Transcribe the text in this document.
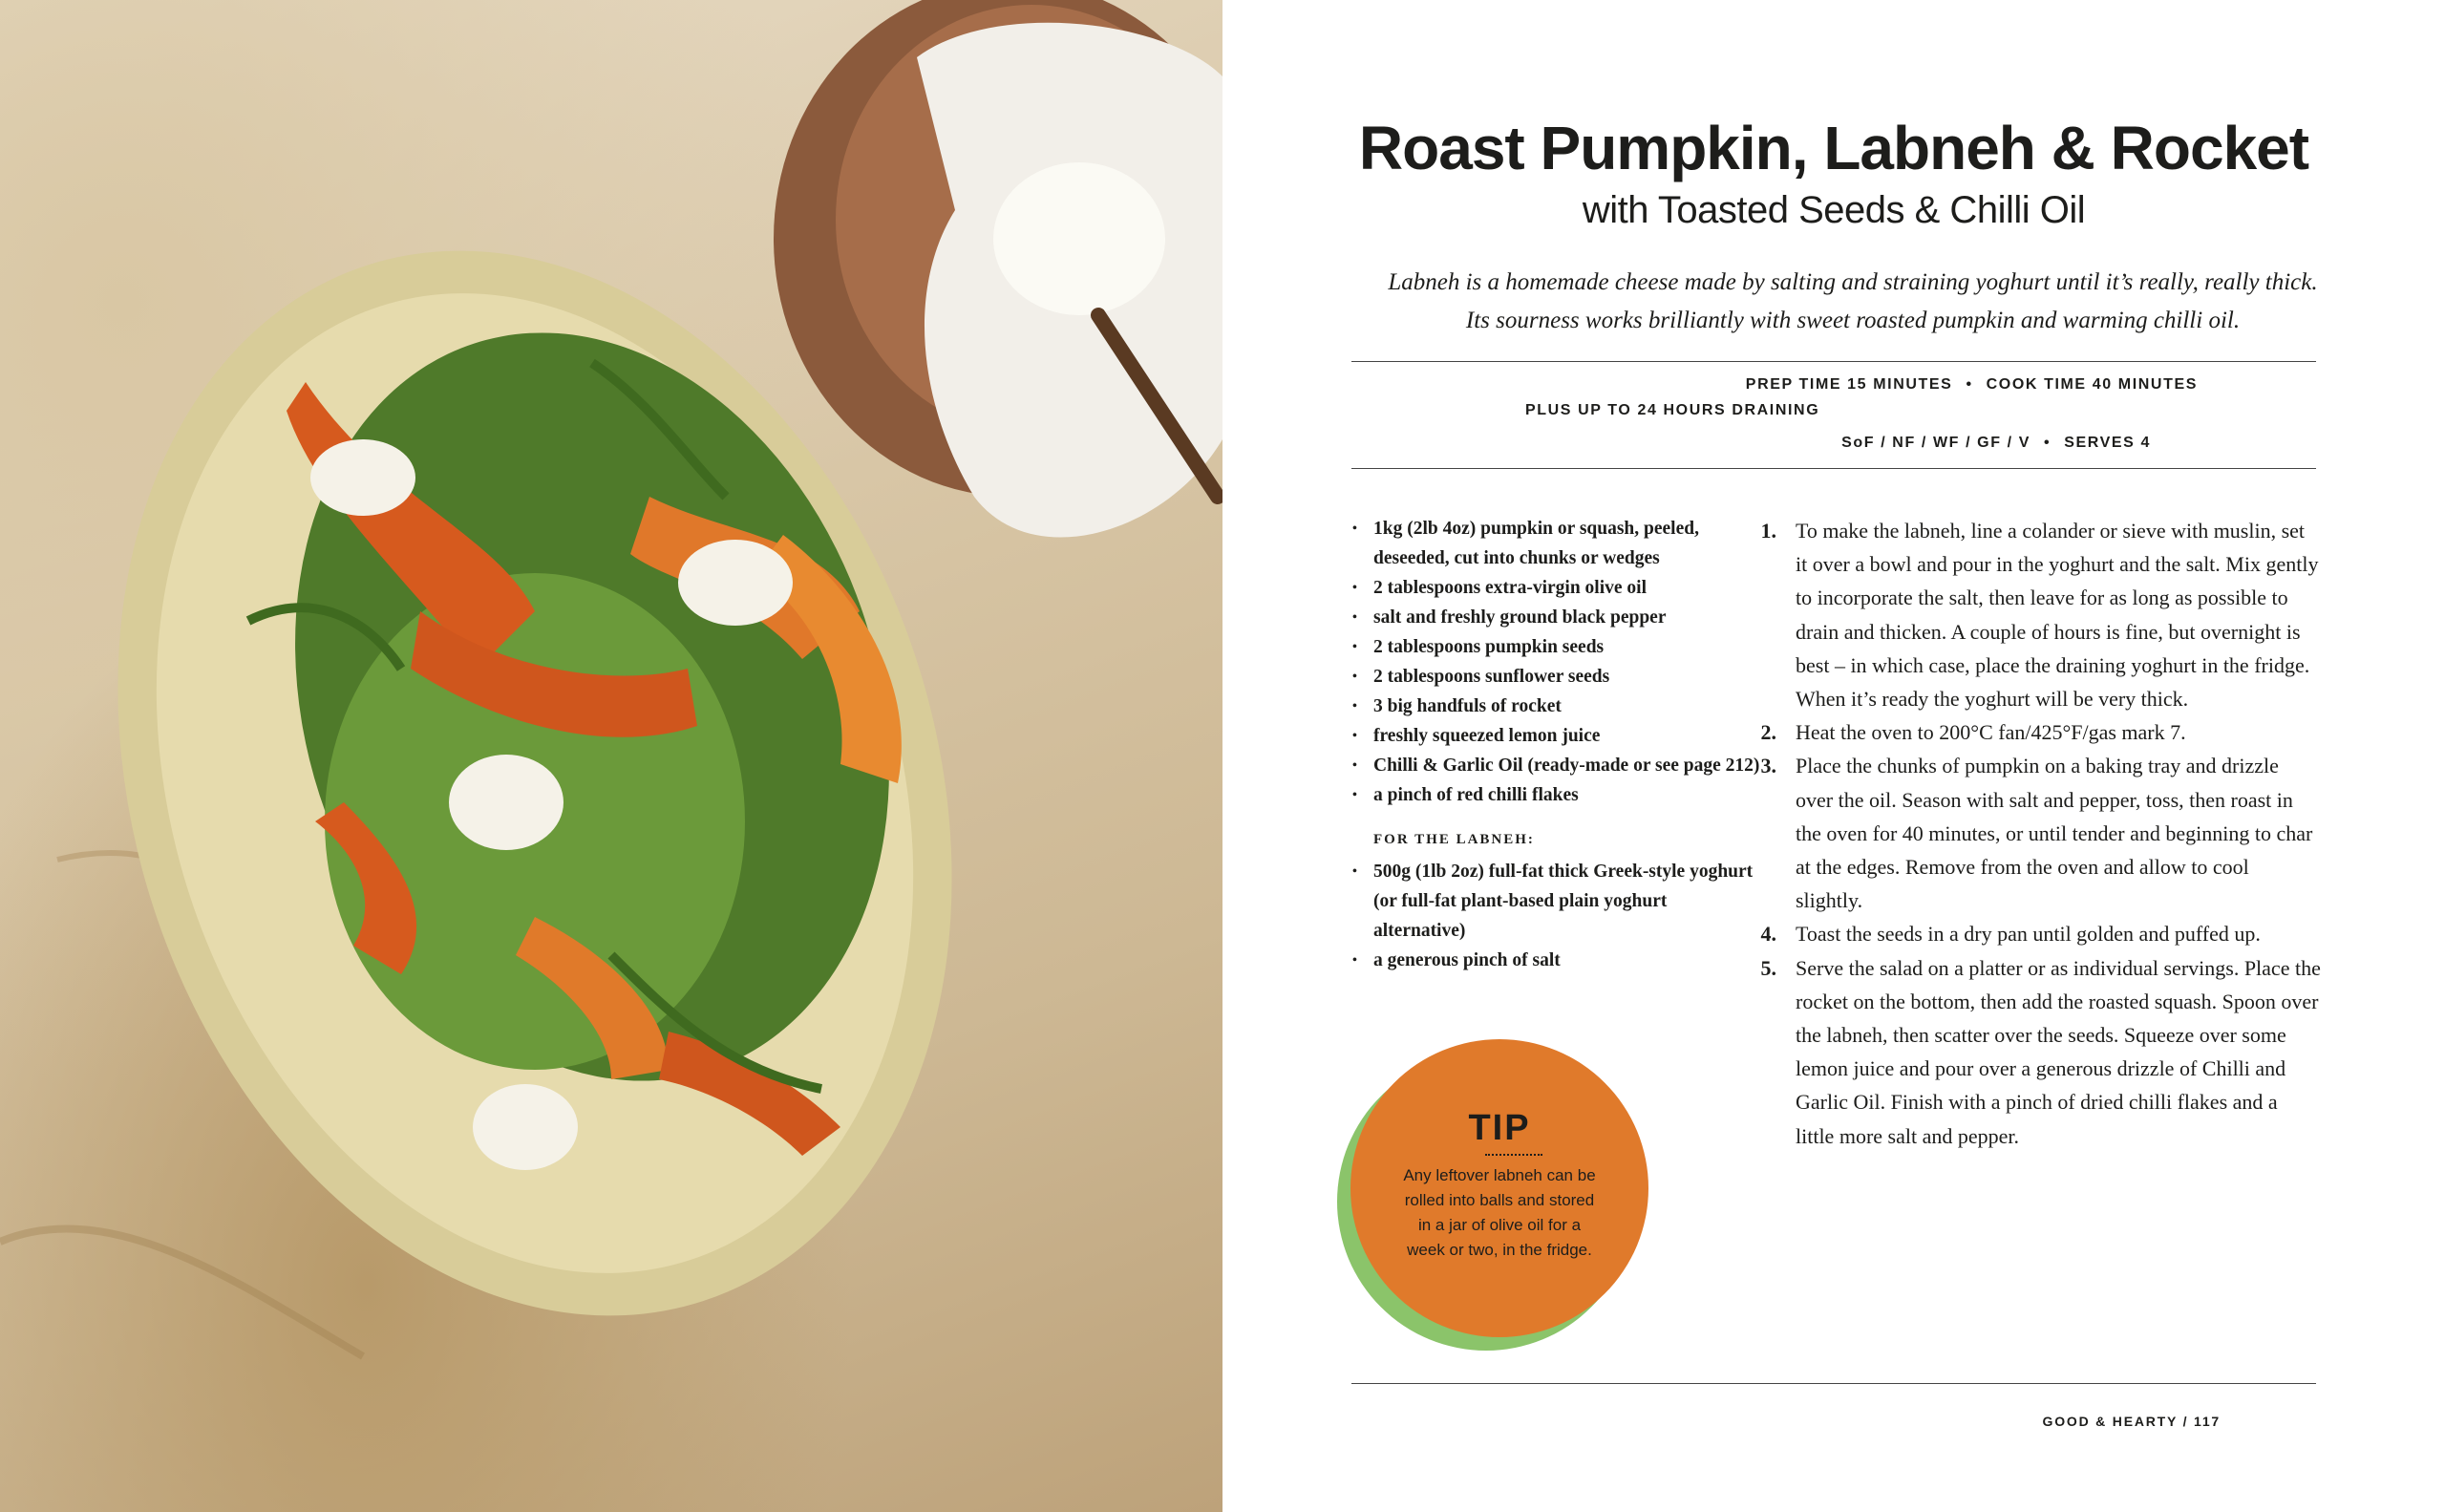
Roast Pumpkin, Labneh & Rocket
with Toasted Seeds & Chilli Oil

Labneh is a homemade cheese made by salting and straining yoghurt until it’s really, really thick.

Its sourness works brilliantly with sweet roasted pumpkin and warming chilli oil.

PREP TIME 15 MINUTES • COOK TIME 40 MINUTES
PLUS UP TO 24 HOURS DRAINING
SoF / NF / WF / GF / V • SERVES 4
• 1kg (2lb 4oz) pumpkin or squash, peeled, deseeded, cut into chunks or wedges
• 2 tablespoons extra-virgin olive oil
• salt and freshly ground black pepper
• 2 tablespoons pumpkin seeds
• 2 tablespoons sunflower seeds
• 3 big handfuls of rocket
• freshly squeezed lemon juice
• Chilli & Garlic Oil (ready-made or see page 212)
• a pinch of red chilli flakes
FOR THE LABNEH:
• 500g (1lb 2oz) full-fat thick Greek-style yoghurt (or full-fat plant-based plain yoghurt alternative)
• a generous pinch of salt
1. To make the labneh, line a colander or sieve with muslin, set it over a bowl and pour in the yoghurt and the salt. Mix gently to incorporate the salt, then leave for as long as possible to drain and thicken. A couple of hours is fine, but overnight is best – in which case, place the draining yoghurt in the fridge. When it’s ready the yoghurt will be very thick.
2. Heat the oven to 200°C fan/425°F/gas mark 7.
3. Place the chunks of pumpkin on a baking tray and drizzle over the oil. Season with salt and pepper, toss, then roast in the oven for 40 minutes, or until tender and beginning to char at the edges. Remove from the oven and allow to cool slightly.
4. Toast the seeds in a dry pan until golden and puffed up.
5. Serve the salad on a platter or as individual servings. Place the rocket on the bottom, then add the roasted squash. Spoon over the labneh, then scatter over the seeds. Squeeze over some lemon juice and pour over a generous drizzle of Chilli and Garlic Oil. Finish with a pinch of dried chilli flakes and a little more salt and pepper.
TIP
Any leftover labneh can be rolled into balls and stored in a jar of olive oil for a week or two, in the fridge.
GOOD & HEARTY / 117
